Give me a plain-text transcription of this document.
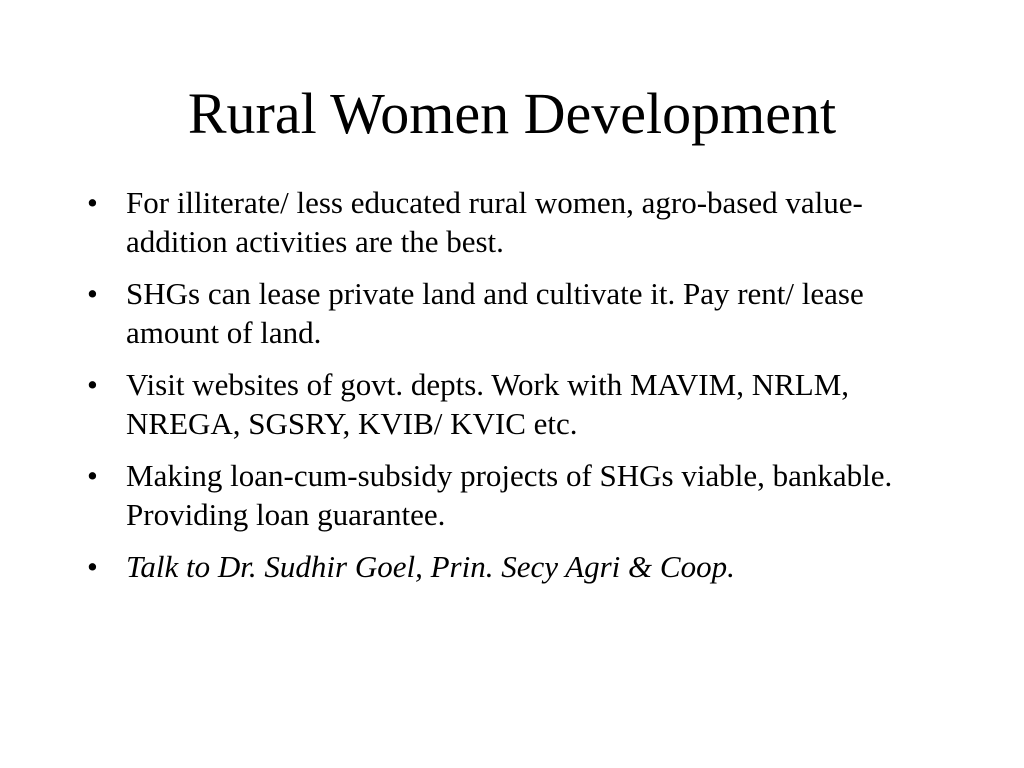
Rural Women Development
• For illiterate/ less educated rural women, agro-based value-addition activities are the best.
• SHGs can lease private land and cultivate it. Pay rent/ lease amount of land.
• Visit websites of govt. depts. Work with MAVIM, NRLM, NREGA, SGSRY, KVIB/ KVIC etc.
• Making loan-cum-subsidy projects of SHGs viable, bankable. Providing loan guarantee.
• Talk to Dr. Sudhir Goel, Prin. Secy Agri & Coop.
